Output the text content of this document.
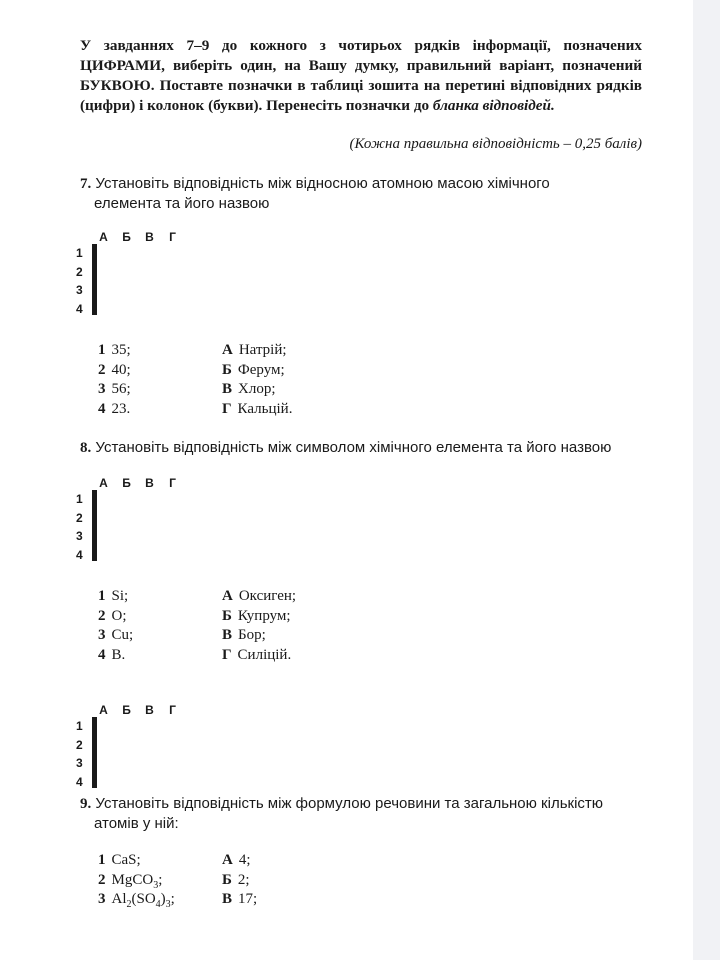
У завданнях 7–9 до кожного з чотирьох рядків інформації, позначених ЦИФРАМИ, виберіть один, на Вашу думку, правильний варіант, позначений БУКВОЮ. Поставте позначки в таблиці зошита на перетині відповідних рядків (цифри) і колонок (букви). Перенесіть позначки до бланка відповідей.
(Кожна правильна відповідність – 0,25 балів)
7. Установіть відповідність між відносною атомною масою хімічного
елемента та його назвою
А	Б	В	Г
1
2
3
4

1 35;	А Натрій;
2 40;	Б Ферум;
3 56;	В Хлор;
4 23.	Г Кальцій.
8. Установіть відповідність між символом хімічного елемента та його назвою
А	Б	В	Г
1
2
3
4

1 Si;	А Оксиген;
2 O;	Б Купрум;
3 Cu;	В Бор;
4 B.	Г Силіцій.
А	Б	В	Г
1
2
3
4

9. Установіть відповідність між формулою речовини та загальною кількістю
атомів у ній:
1 CaS;	А 4;
2 MgCO$_3$;	Б 2;
3 $Al_2(SO_4)_3$;	В 17;
